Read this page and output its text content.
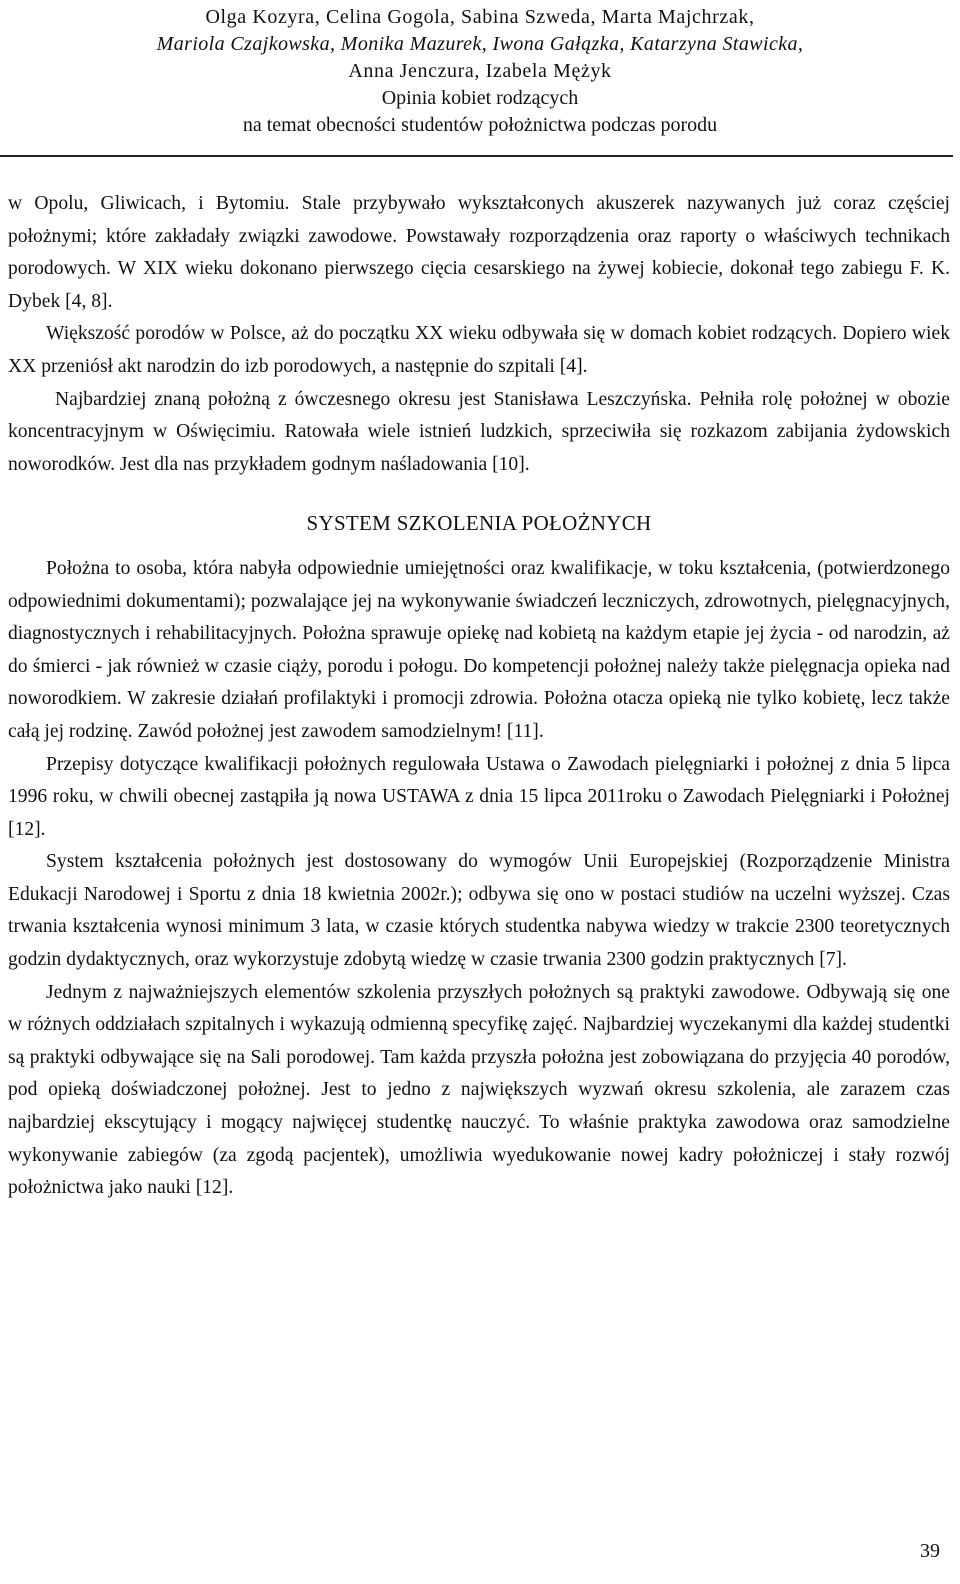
Olga Kozyra, Celina Gogola, Sabina Szweda, Marta Majchrzak,
Mariola Czajkowska, Monika Mazurek, Iwona Gałązka, Katarzyna Stawicka,
Anna Jenczura, Izabela Mężyk
Opinia kobiet rodzących
na temat obecności studentów położnictwa podczas porodu

w Opolu, Gliwicach, i Bytomiu. Stale przybywało wykształconych akuszerek nazywanych już coraz częściej położnymi; które zakładały związki zawodowe. Powstawały rozporządzenia oraz raporty o właściwych technikach porodowych. W XIX wieku dokonano pierwszego cięcia cesarskiego na żywej kobiecie, dokonał tego zabiegu F. K. Dybek [4, 8].

Większość porodów w Polsce, aż do początku XX wieku odbywała się w domach kobiet rodzących. Dopiero wiek XX przeniósł akt narodzin do izb porodowych, a następnie do szpitali [4].

Najbardziej znaną położną z ówczesnego okresu jest Stanisława Leszczyńska. Pełniła rolę położnej w obozie koncentracyjnym w Oświęcimiu. Ratowała wiele istnień ludzkich, sprzeciwiła się rozkazom zabijania żydowskich noworodków. Jest dla nas przykładem godnym naśladowania [10].

SYSTEM SZKOLENIA POŁOŻNYCH

Położna to osoba, która nabyła odpowiednie umiejętności oraz kwalifikacje, w toku kształcenia, (potwierdzonego odpowiednimi dokumentami); pozwalające jej na wykonywanie świadczeń leczniczych, zdrowotnych, pielęgnacyjnych, diagnostycznych i rehabilitacyjnych. Położna sprawuje opiekę nad kobietą na każdym etapie jej życia - od narodzin, aż do śmierci - jak również w czasie ciąży, porodu i połogu. Do kompetencji położnej należy także pielęgnacja opieka nad noworodkiem. W zakresie działań profilaktyki i promocji zdrowia. Położna otacza opieką nie tylko kobietę, lecz także całą jej rodzinę. Zawód położnej jest zawodem samodzielnym! [11].

Przepisy dotyczące kwalifikacji położnych regulowała Ustawa o Zawodach pielęgniarki i położnej z dnia 5 lipca 1996 roku, w chwili obecnej zastąpiła ją nowa USTAWA z dnia 15 lipca 2011roku o Zawodach Pielęgniarki i Położnej [12].

System kształcenia położnych jest dostosowany do wymogów Unii Europejskiej (Rozporządzenie Ministra Edukacji Narodowej i Sportu z dnia 18 kwietnia 2002r.); odbywa się ono w postaci studiów na uczelni wyższej. Czas trwania kształcenia wynosi minimum 3 lata, w czasie których studentka nabywa wiedzy w trakcie 2300 teoretycznych godzin dydaktycznych, oraz wykorzystuje zdobytą wiedzę w czasie trwania 2300 godzin praktycznych [7].

Jednym z najważniejszych elementów szkolenia przyszłych położnych są praktyki zawodowe. Odbywają się one w różnych oddziałach szpitalnych i wykazują odmienną specyfikę zajęć. Najbardziej wyczekanymi dla każdej studentki są praktyki odbywające się na Sali porodowej. Tam każda przyszła położna jest zobowiązana do przyjęcia 40 porodów, pod opieką doświadczonej położnej. Jest to jedno z największych wyzwań okresu szkolenia, ale zarazem czas najbardziej ekscytujący i mogący najwięcej studentkę nauczyć. To właśnie praktyka zawodowa oraz samodzielne wykonywanie zabiegów (za zgodą pacjentek), umożliwia wyedukowanie nowej kadry położniczej i stały rozwój położnictwa jako nauki [12].

39
